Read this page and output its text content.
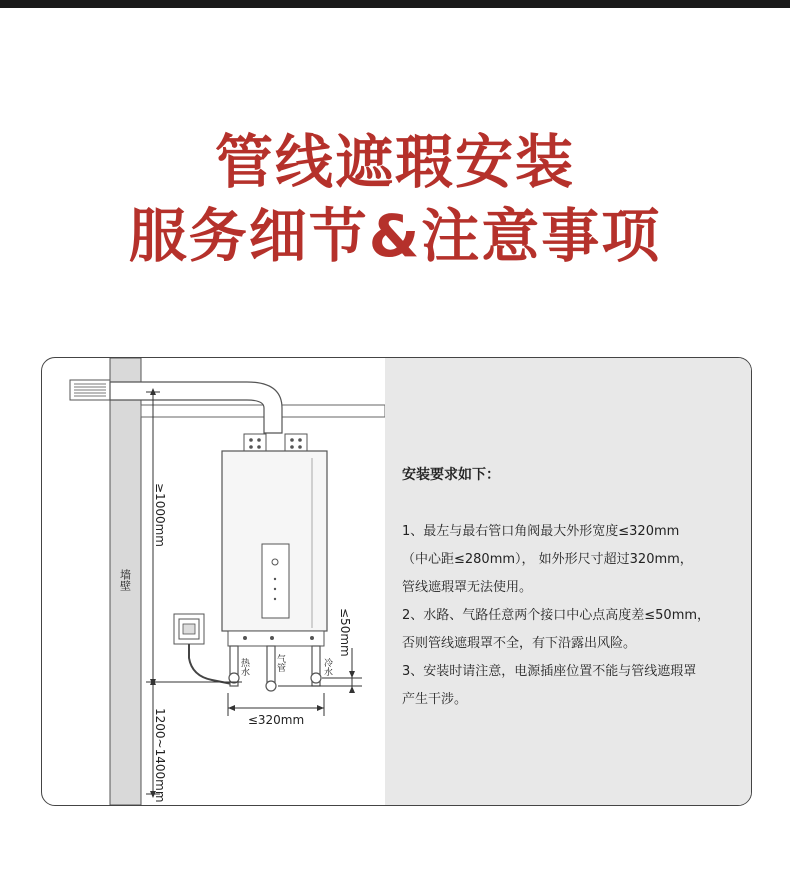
管线遮瑕安装
服务细节&注意事项
墙壁
热水	气管	冷水
≥1000mm
1200~1400mm	≤320mm
≤50mm
安装要求如下：
1、最左与最右管口角阀最大外形宽度≤320mm
（中心距≤280mm）， 如外形尺寸超过320mm，
管线遮瑕罩无法使用。
2、水路、气路任意两个接口中心点高度差≤50mm，
否则管线遮瑕罩不全，有下沿露出风险。
3、安装时请注意，电源插座位置不能与管线遮瑕罩
产生干涉。
